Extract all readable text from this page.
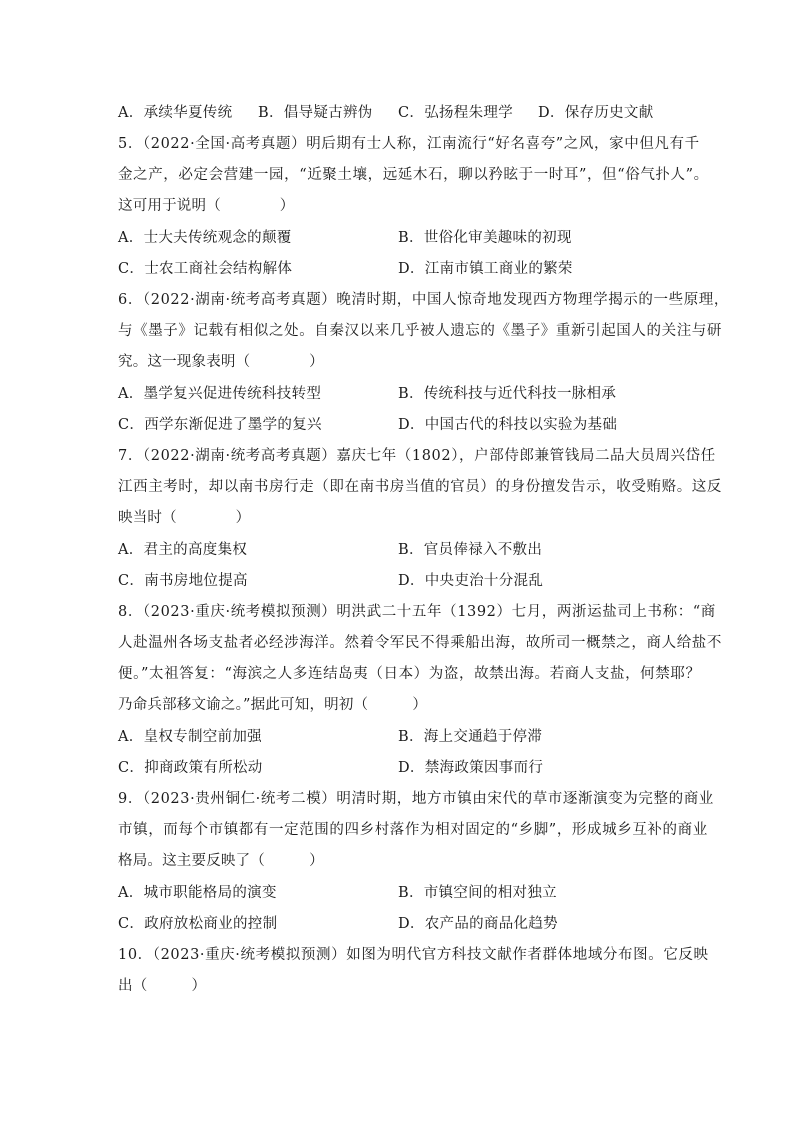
A．承续华夏传统 B．倡导疑古辨伪 C．弘扬程朱理学 D．保存历史文献
5．（2022·全国·高考真题）明后期有士人称，江南流行“好名喜夸”之风，家中但凡有千
金之产，必定会营建一园，“近聚土壤，远延木石，聊以矜眩于一时耳”，但“俗气扑人”。
这可用于说明（　　　　）
A．士大夫传统观念的颠覆	B．世俗化审美趣味的初现
C．士农工商社会结构解体	D．江南市镇工商业的繁荣
6．（2022·湖南·统考高考真题）晚清时期，中国人惊奇地发现西方物理学揭示的一些原理，
与《墨子》记载有相似之处。自秦汉以来几乎被人遗忘的《墨子》重新引起国人的关注与研
究。这一现象表明（　　　　）
A．墨学复兴促进传统科技转型	B．传统科技与近代科技一脉相承
C．西学东渐促进了墨学的复兴	D．中国古代的科技以实验为基础
7．（2022·湖南·统考高考真题）嘉庆七年（1802），户部侍郎兼管钱局二品大员周兴岱任
江西主考时，却以南书房行走（即在南书房当值的官员）的身份擅发告示，收受贿赂。这反
映当时（　　　　）
A．君主的高度集权	B．官员俸禄入不敷出
C．南书房地位提高	D．中央吏治十分混乱
8．（2023·重庆·统考模拟预测）明洪武二十五年（1392）七月，两浙运盐司上书称：“商
人赴温州各场支盐者必经涉海洋。然着令军民不得乘船出海，故所司一概禁之，商人给盐不
便。”太祖答复：“海滨之人多连结岛夷（日本）为盗，故禁出海。若商人支盐，何禁耶？
乃命兵部移文谕之。”据此可知，明初（　　　）
A．皇权专制空前加强	B．海上交通趋于停滞
C．抑商政策有所松动	D．禁海政策因事而行
9．（2023·贵州铜仁·统考二模）明清时期，地方市镇由宋代的草市逐渐演变为完整的商业
市镇，而每个市镇都有一定范围的四乡村落作为相对固定的“乡脚”，形成城乡互补的商业
格局。这主要反映了（　　　）
A．城市职能格局的演变	B．市镇空间的相对独立
C．政府放松商业的控制	D．农产品的商品化趋势
10．（2023·重庆·统考模拟预测）如图为明代官方科技文献作者群体地域分布图。它反映
出（　　　）
